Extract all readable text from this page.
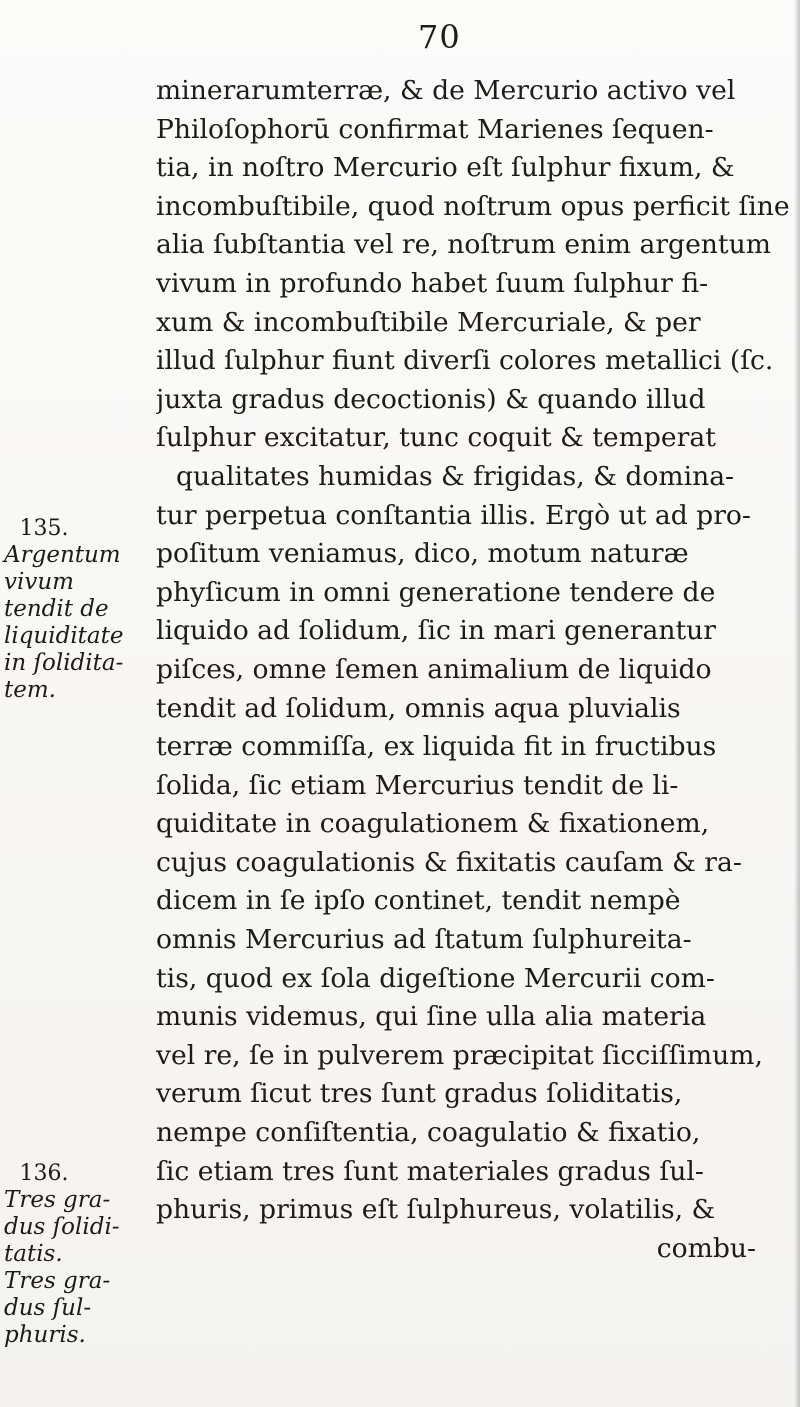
70
minerarumterræ, & de Mercurio activo vel
Philoſophorū confirmat Marienes ſequen-
tia, in noſtro Mercurio eſt ſulphur fixum, &
incombuſtibile, quod noſtrum opus perficit ſine
alia ſubſtantia vel re, noſtrum enim argentum
vivum in profundo habet ſuum ſulphur fi-
xum & incombuſtibile Mercuriale, & per
illud ſulphur fiunt diverſi colores metallici (ſc.
juxta gradus decoctionis) & quando illud
ſulphur excitatur, tunc coquit & temperat
qualitates humidas & frigidas, & domina-
tur perpetua conſtantia illis. Ergò ut ad pro-
poſitum veniamus, dico, motum naturæ
phyſicum in omni generatione tendere de
liquido ad ſolidum, ſic in mari generantur
piſces, omne ſemen animalium de liquido
tendit ad ſolidum, omnis aqua pluvialis
terræ commiſſa, ex liquida fit in fructibus
ſolida, ſic etiam Mercurius tendit de li-
quiditate in coagulationem & fixationem,
cujus coagulationis & fixitatis cauſam & ra-
dicem in ſe ipſo continet, tendit nempè
omnis Mercurius ad ſtatum ſulphureita-
tis, quod ex ſola digeſtione Mercurii com-
munis videmus, qui ſine ulla alia materia
vel re, ſe in pulverem præcipitat ſicciſſimum,
verum ſicut tres ſunt gradus ſoliditatis,
nempe conſiſtentia, coagulatio & fixatio,
ſic etiam tres ſunt materiales gradus ſul-
phuris, primus eſt ſulphureus, volatilis, &
combu-
135.
Argentum
vivum
tendit de
liquiditate
in ſolidita-
tem.
136.
Tres gra-
dus ſolidi-
tatis.
Tres gra-
dus ſul-
phuris.
